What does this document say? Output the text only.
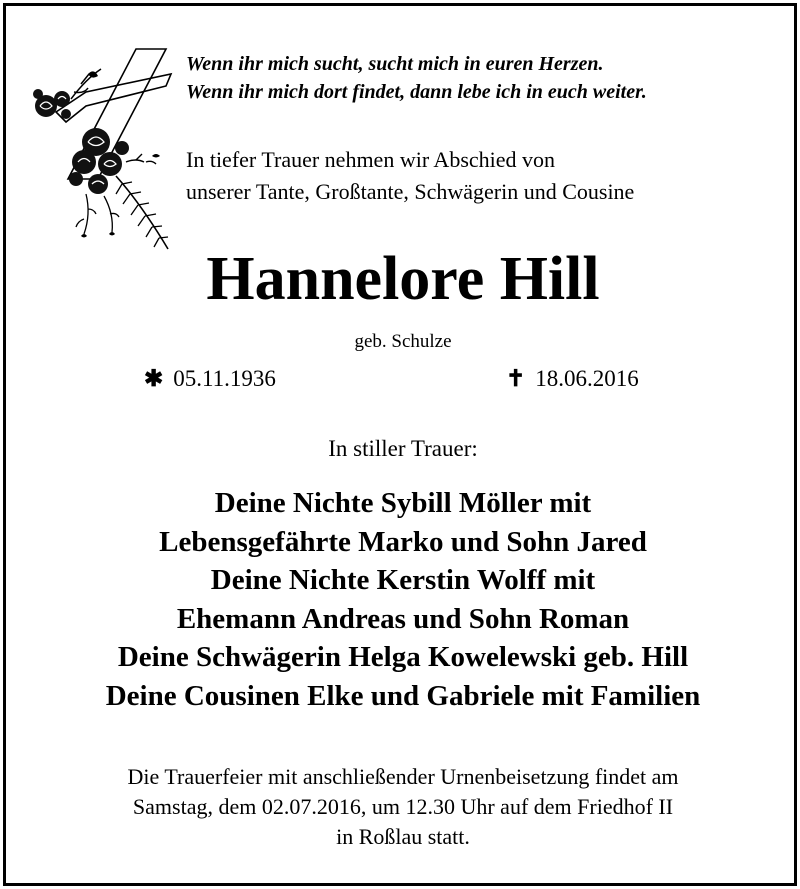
Wenn ihr mich sucht, sucht mich in euren Herzen.
Wenn ihr mich dort findet, dann lebe ich in euch weiter.
In tiefer Trauer nehmen wir Abschied von
unserer Tante, Großtante, Schwägerin und Cousine
Hannelore Hill
geb. Schulze
✱ 05.11.1936	✝ 18.06.2016
In stiller Trauer:
Deine Nichte Sybill Möller mit
Lebensgefährte Marko und Sohn Jared
Deine Nichte Kerstin Wolff mit
Ehemann Andreas und Sohn Roman
Deine Schwägerin Helga Kowelewski geb. Hill
Deine Cousinen Elke und Gabriele mit Familien
Die Trauerfeier mit anschließender Urnenbeisetzung findet am
Samstag, dem 02.07.2016, um 12.30 Uhr auf dem Friedhof II
in Roßlau statt.
